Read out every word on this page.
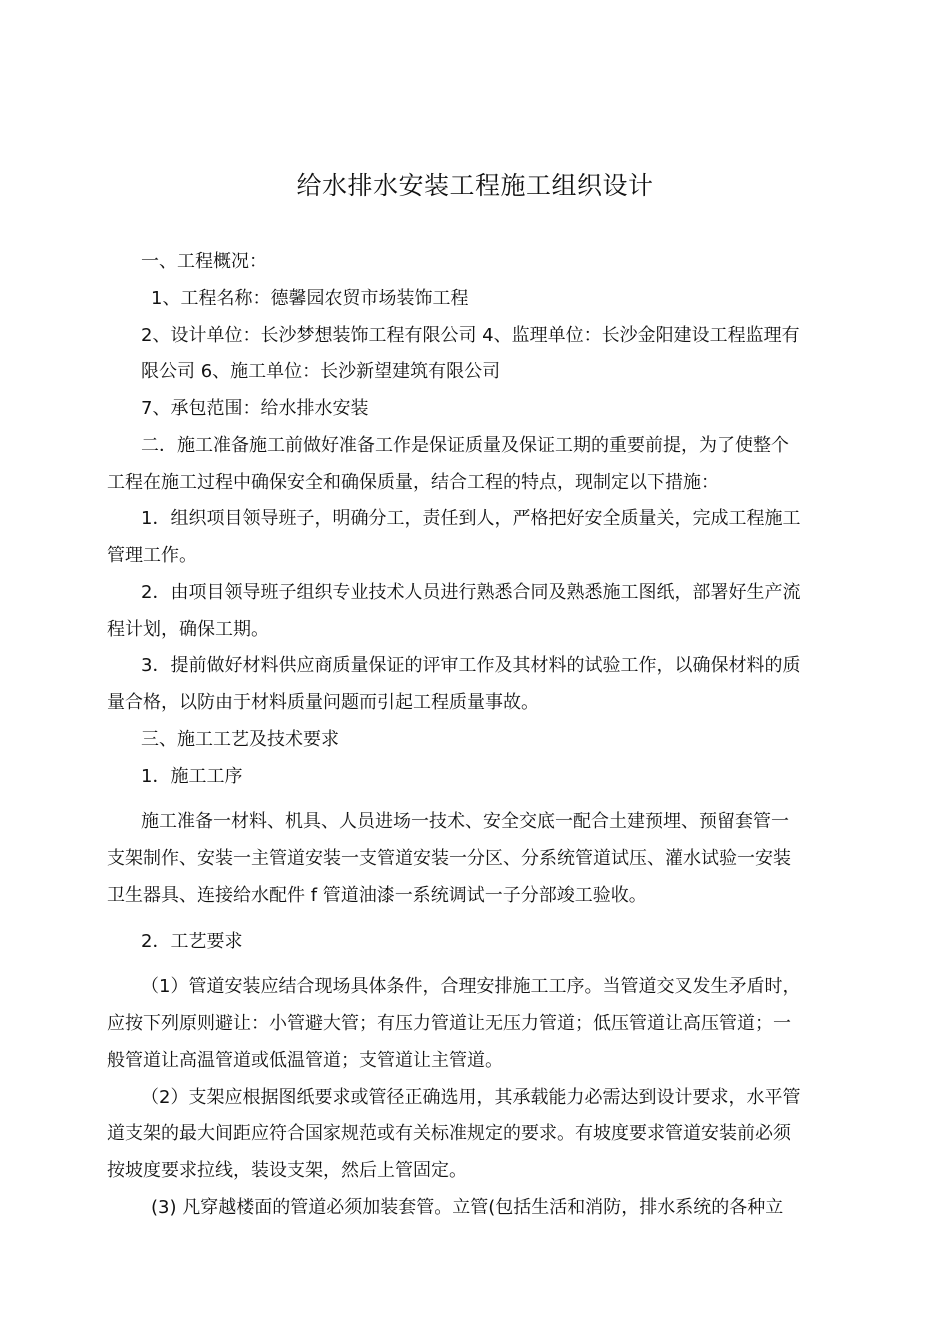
给水排水安装工程施工组织设计
一、工程概况：
1、工程名称：德馨园农贸市场装饰工程
2、设计单位：长沙梦想装饰工程有限公司 4、监理单位：长沙金阳建设工程监理有
限公司 6、施工单位：长沙新望建筑有限公司
7、承包范围：给水排水安装
二．施工准备施工前做好准备工作是保证质量及保证工期的重要前提，为了使整个
工程在施工过程中确保安全和确保质量，结合工程的特点，现制定以下措施：
1．组织项目领导班子，明确分工，责任到人，严格把好安全质量关，完成工程施工
管理工作。
2．由项目领导班子组织专业技术人员进行熟悉合同及熟悉施工图纸，部署好生产流
程计划，确保工期。
3．提前做好材料供应商质量保证的评审工作及其材料的试验工作，以确保材料的质
量合格，以防由于材料质量问题而引起工程质量事故。
三、施工工艺及技术要求
1．施工工序
施工准备一材料、机具、人员进场一技术、安全交底一配合土建预埋、预留套管一
支架制作、安装一主管道安装一支管道安装一分区、分系统管道试压、灌水试验一安装
卫生器具、连接给水配件 f 管道油漆一系统调试一子分部竣工验收。
2．工艺要求
（1）管道安装应结合现场具体条件，合理安排施工工序。当管道交叉发生矛盾时，
应按下列原则避让：小管避大管；有压力管道让无压力管道；低压管道让高压管道；一
般管道让高温管道或低温管道；支管道让主管道。
（2）支架应根据图纸要求或管径正确选用，其承载能力必需达到设计要求，水平管
道支架的最大间距应符合国家规范或有关标准规定的要求。有坡度要求管道安装前必须
按坡度要求拉线，装设支架，然后上管固定。
(3) 凡穿越楼面的管道必须加装套管。立管(包括生活和消防，排水系统的各种立
